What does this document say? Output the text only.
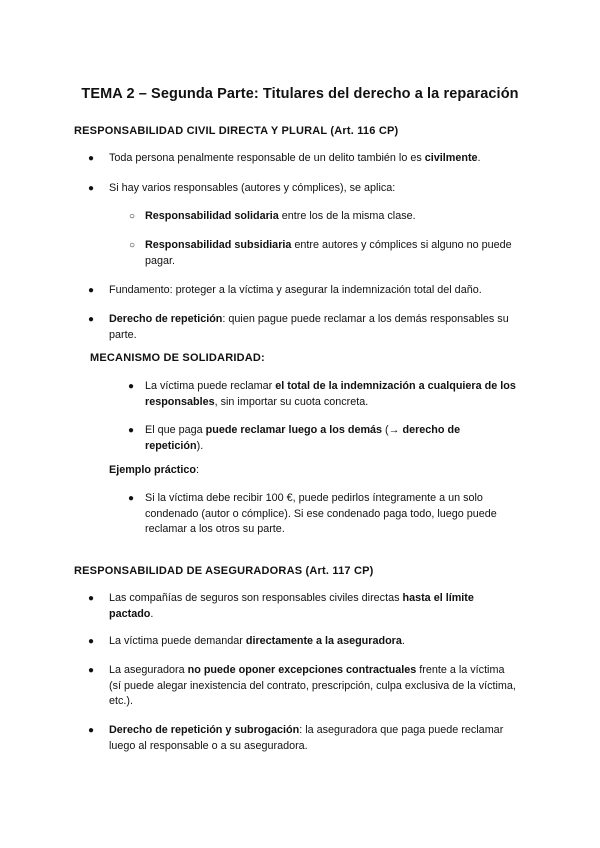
TEMA 2 – Segunda Parte: Titulares del derecho a la reparación
RESPONSABILIDAD CIVIL DIRECTA Y PLURAL (Art. 116 CP)
● Toda persona penalmente responsable de un delito también lo es civilmente.
● Si hay varios responsables (autores y cómplices), se aplica:
○ Responsabilidad solidaria entre los de la misma clase.
○ Responsabilidad subsidiaria entre autores y cómplices si alguno no puede
pagar.
● Fundamento: proteger a la víctima y asegurar la indemnización total del daño.
● Derecho de repetición: quien pague puede reclamar a los demás responsables su
parte.
MECANISMO DE SOLIDARIDAD:
● La víctima puede reclamar el total de la indemnización a cualquiera de los
responsables, sin importar su cuota concreta.
● El que paga puede reclamar luego a los demás (→ derecho de
repetición).
Ejemplo práctico:
● Si la víctima debe recibir 100 €, puede pedirlos íntegramente a un solo
condenado (autor o cómplice). Si ese condenado paga todo, luego puede
reclamar a los otros su parte.
RESPONSABILIDAD DE ASEGURADORAS (Art. 117 CP)
● Las compañías de seguros son responsables civiles directas hasta el límite
pactado.
● La víctima puede demandar directamente a la aseguradora.
● La aseguradora no puede oponer excepciones contractuales frente a la víctima
(sí puede alegar inexistencia del contrato, prescripción, culpa exclusiva de la víctima,
etc.).
● Derecho de repetición y subrogación: la aseguradora que paga puede reclamar
luego al responsable o a su aseguradora.
